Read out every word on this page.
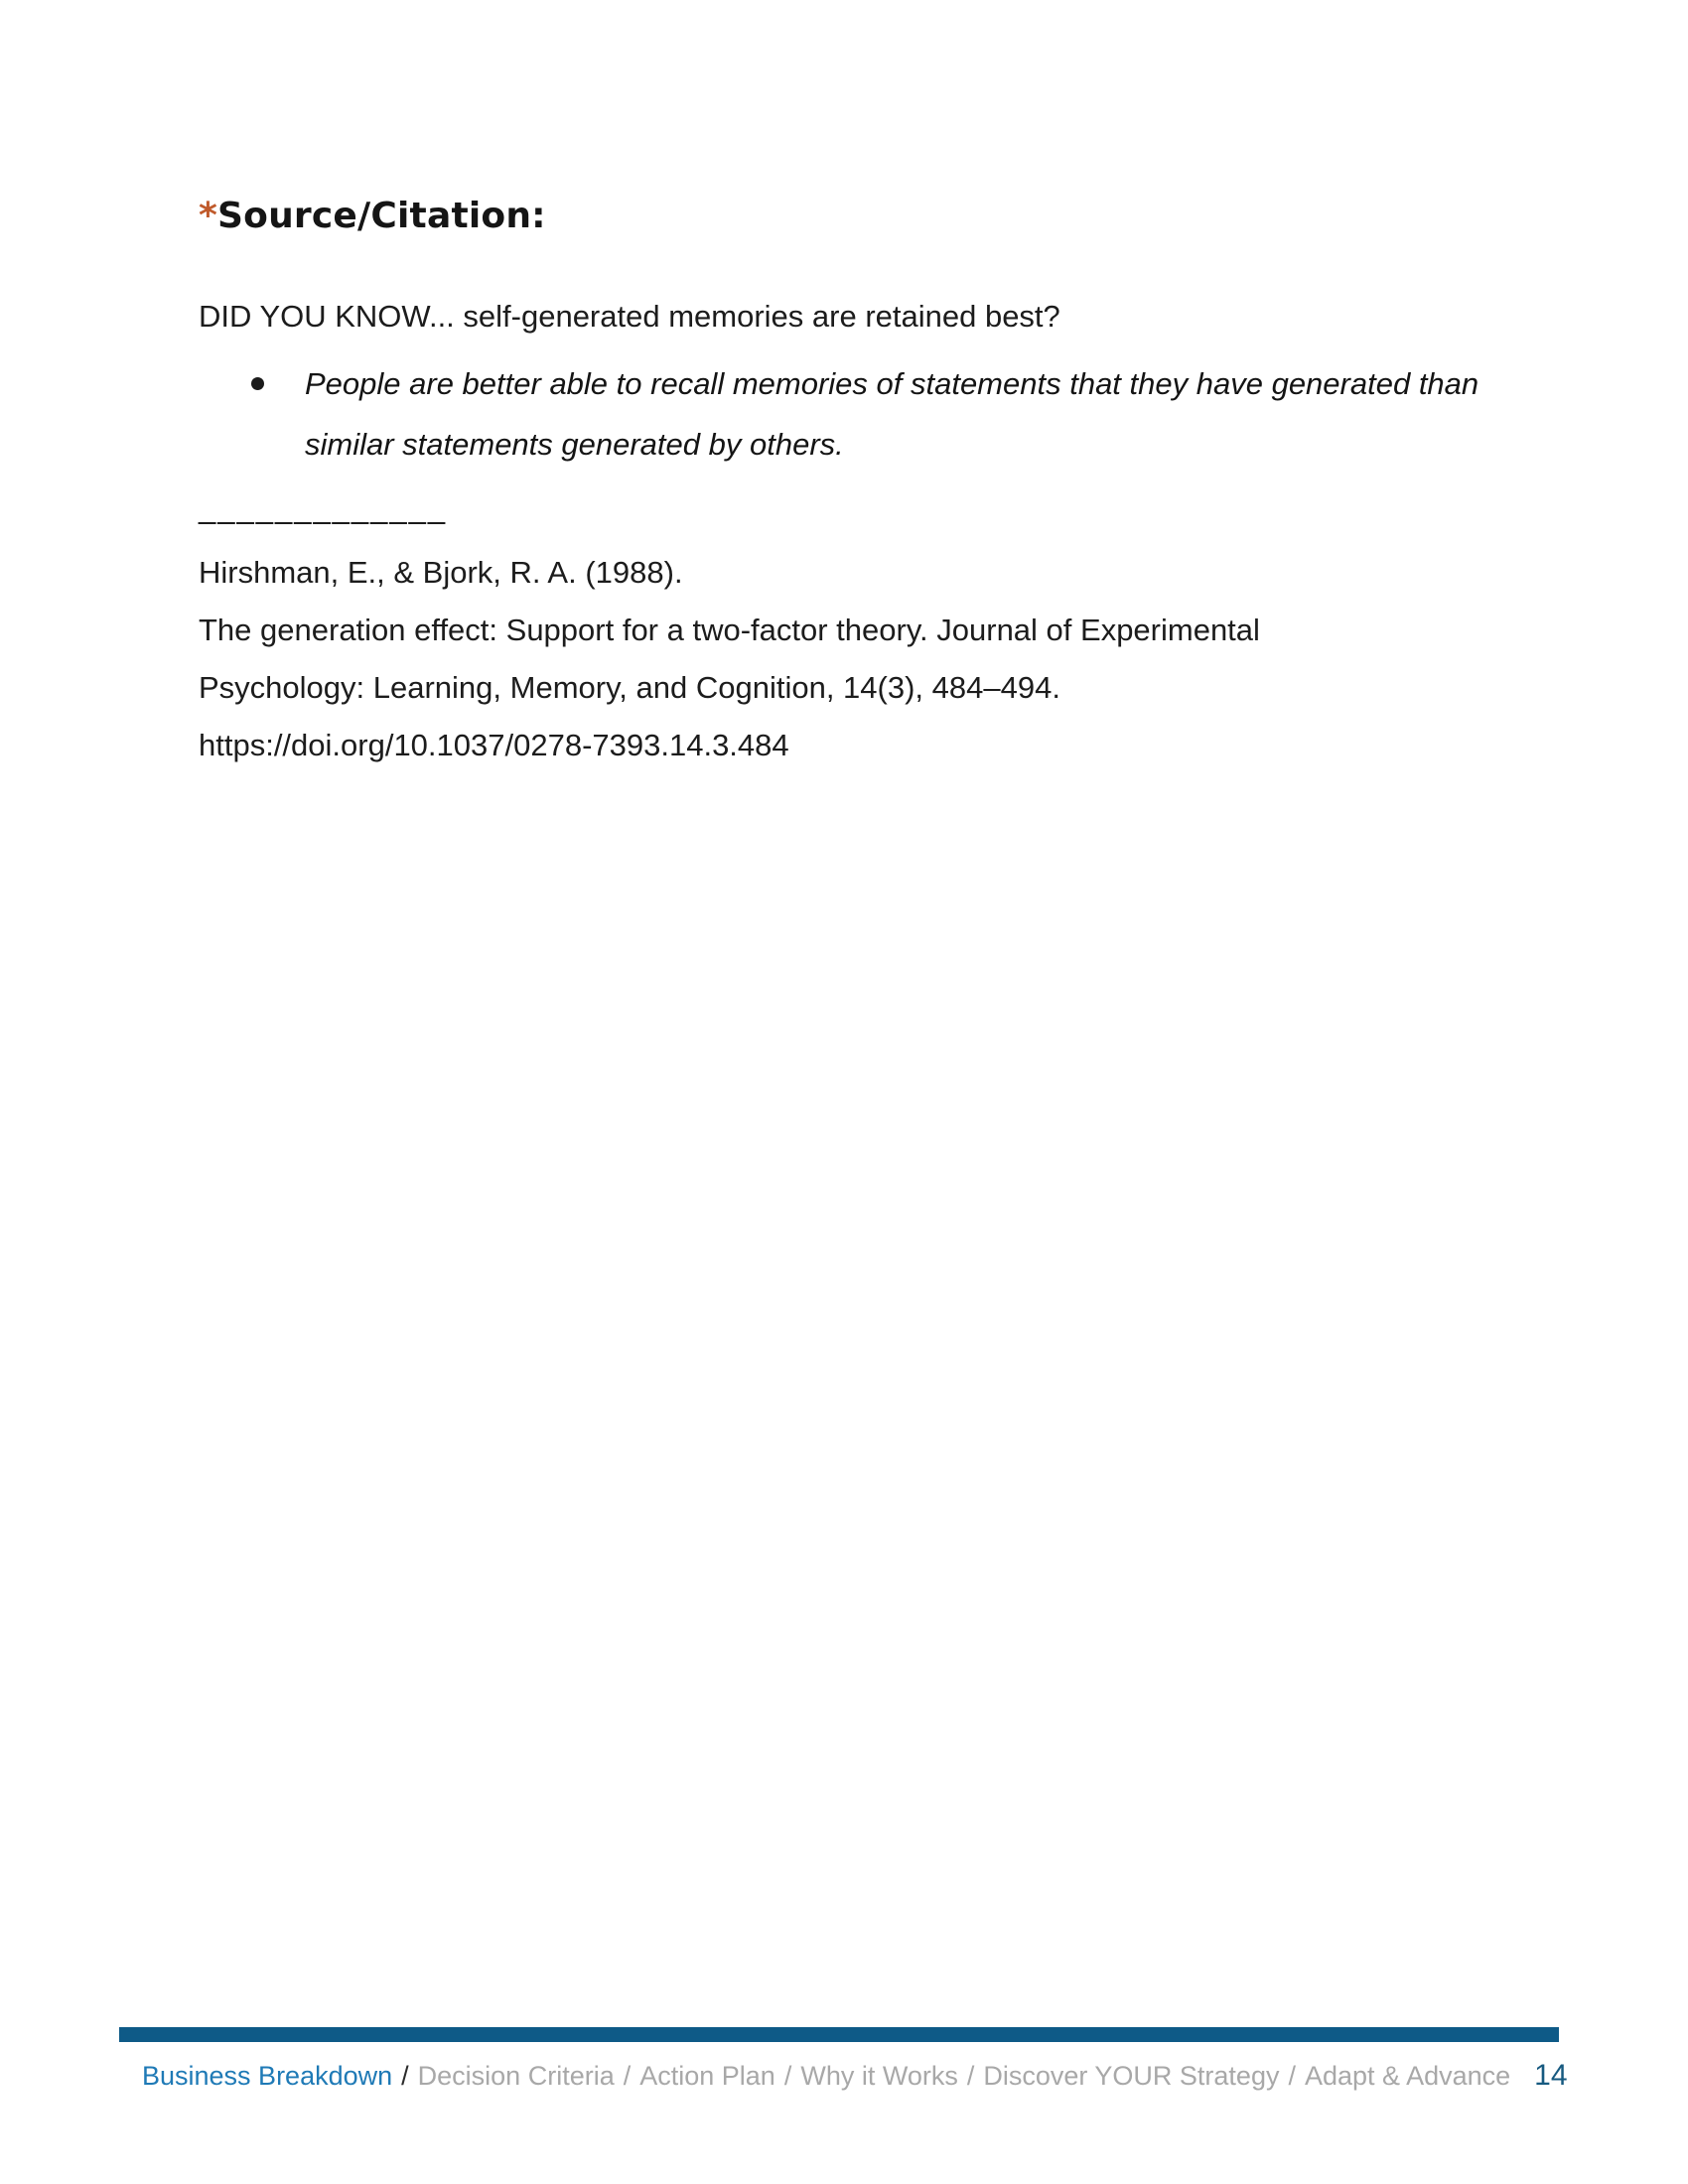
*Source/Citation:
DID YOU KNOW... self-generated memories are retained best?
People are better able to recall memories of statements that they have generated than
similar statements generated by others.
_____________
Hirshman, E., & Bjork, R. A. (1988).
The generation effect: Support for a two-factor theory. Journal of Experimental
Psychology: Learning, Memory, and Cognition, 14(3), 484–494.
https://doi.org/10.1037/0278-7393.14.3.484
Business Breakdown / Decision Criteria / Action Plan / Why it Works / Discover YOUR Strategy / Adapt & Advance 14
